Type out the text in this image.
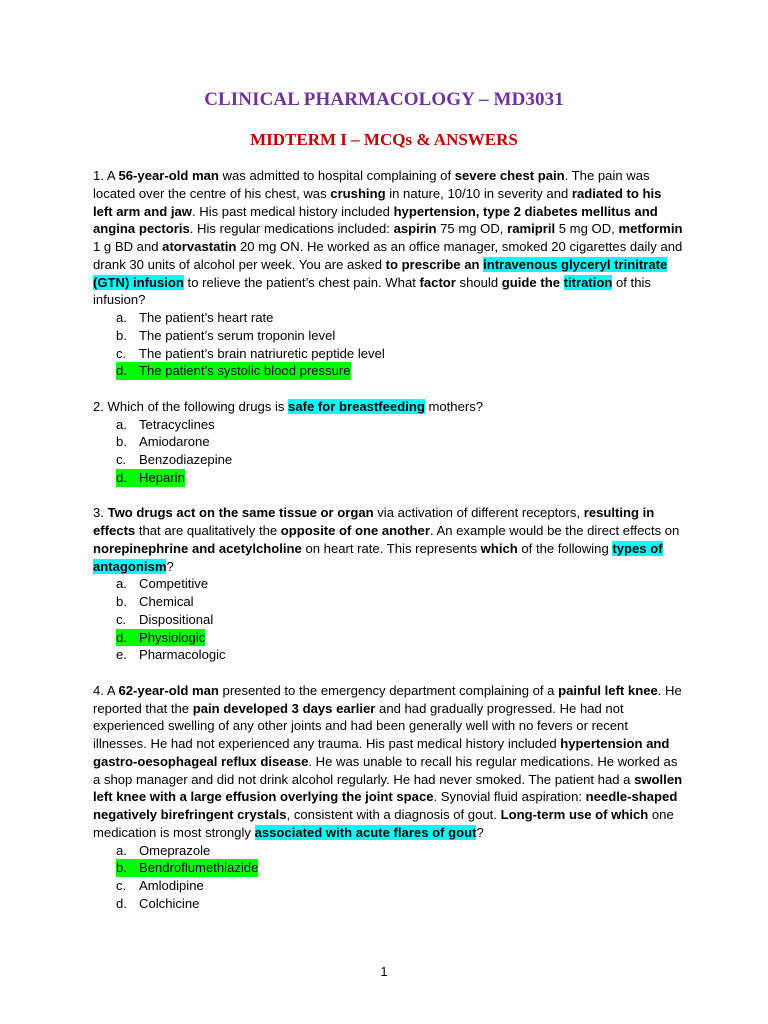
CLINICAL PHARMACOLOGY – MD3031
MIDTERM I – MCQs & ANSWERS

1. A 56-year-old man was admitted to hospital complaining of severe chest pain. The pain was located over the centre of his chest, was crushing in nature, 10/10 in severity and radiated to his left arm and jaw. His past medical history included hypertension, type 2 diabetes mellitus and angina pectoris. His regular medications included: aspirin 75 mg OD, ramipril 5 mg OD, metformin 1 g BD and atorvastatin 20 mg ON. He worked as an office manager, smoked 20 cigarettes daily and drank 30 units of alcohol per week. You are asked to prescribe an intravenous glyceryl trinitrate (GTN) infusion to relieve the patient’s chest pain. What factor should guide the titration of this infusion?

a. The patient’s heart rate
b. The patient’s serum troponin level
c. The patient’s brain natriuretic peptide level
d. The patient’s systolic blood pressure

2. Which of the following drugs is safe for breastfeeding mothers?

a. Tetracyclines
b. Amiodarone
c. Benzodiazepine
d. Heparin

3. Two drugs act on the same tissue or organ via activation of different receptors, resulting in effects that are qualitatively the opposite of one another. An example would be the direct effects on norepinephrine and acetylcholine on heart rate. This represents which of the following types of antagonism?

a. Competitive
b. Chemical
c. Dispositional
d. Physiologic
e. Pharmacologic

4. A 62-year-old man presented to the emergency department complaining of a painful left knee. He reported that the pain developed 3 days earlier and had gradually progressed. He had not experienced swelling of any other joints and had been generally well with no fevers or recent illnesses. He had not experienced any trauma. His past medical history included hypertension and gastro-oesophageal reflux disease. He was unable to recall his regular medications. He worked as a shop manager and did not drink alcohol regularly. He had never smoked. The patient had a swollen left knee with a large effusion overlying the joint space. Synovial fluid aspiration: needle-shaped negatively birefringent crystals, consistent with a diagnosis of gout. Long-term use of which one medication is most strongly associated with acute flares of gout?

a. Omeprazole
b. Bendroflumethiazide
c. Amlodipine
d. Colchicine
1
